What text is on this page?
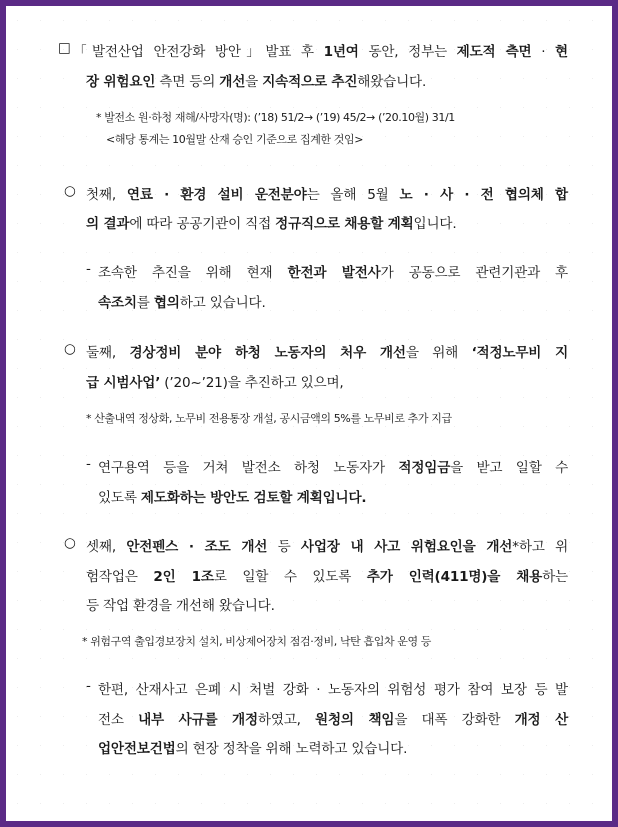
□ 「발전산업 안전강화 방안」발표 후 1년여 동안, 정부는 제도적 측면 · 현
장 위험요인 측면 등의 개선을 지속적으로 추진해왔습니다.
* 발전소 원·하청 재해/사망자(명): (’18) 51/2→ (’19) 45/2→ (’20.10월) 31/1
<해당 통계는 10월말 산재 승인 기준으로 집계한 것임>
○ 첫째, 연료 · 환경 설비 운전분야는 올해 5월 노 · 사 · 전 협의체 합
의 결과에 따라 공공기관이 직접 정규직으로 채용할 계획입니다.
- 조속한 추진을 위해 현재 한전과 발전사가 공동으로 관련기관과 후
속조치를 협의하고 있습니다.
○ 둘째, 경상정비 분야 하청 노동자의 처우 개선을 위해 ‘적정노무비 지
급 시범사업’ (’20~’21)을 추진하고 있으며,
* 산출내역 정상화, 노무비 전용통장 개설, 공시금액의 5%를 노무비로 추가 지급
- 연구용역 등을 거쳐 발전소 하청 노동자가 적정임금을 받고 일할 수
있도록 제도화하는 방안도 검토할 계획입니다.
○ 셋째, 안전펜스 · 조도 개선 등 사업장 내 사고 위험요인을 개선*하고 위
험작업은 2인 1조로 일할 수 있도록 추가 인력(411명)을 채용하는
등 작업 환경을 개선해 왔습니다.
* 위험구역 출입경보장치 설치, 비상제어장치 점검·정비, 낙탄 흡입차 운영 등
- 한편, 산재사고 은폐 시 처벌 강화 · 노동자의 위험성 평가 참여 보장 등 발
전소 내부 사규를 개정하였고, 원청의 책임을 대폭 강화한 개정 산
업안전보건법의 현장 정착을 위해 노력하고 있습니다.
